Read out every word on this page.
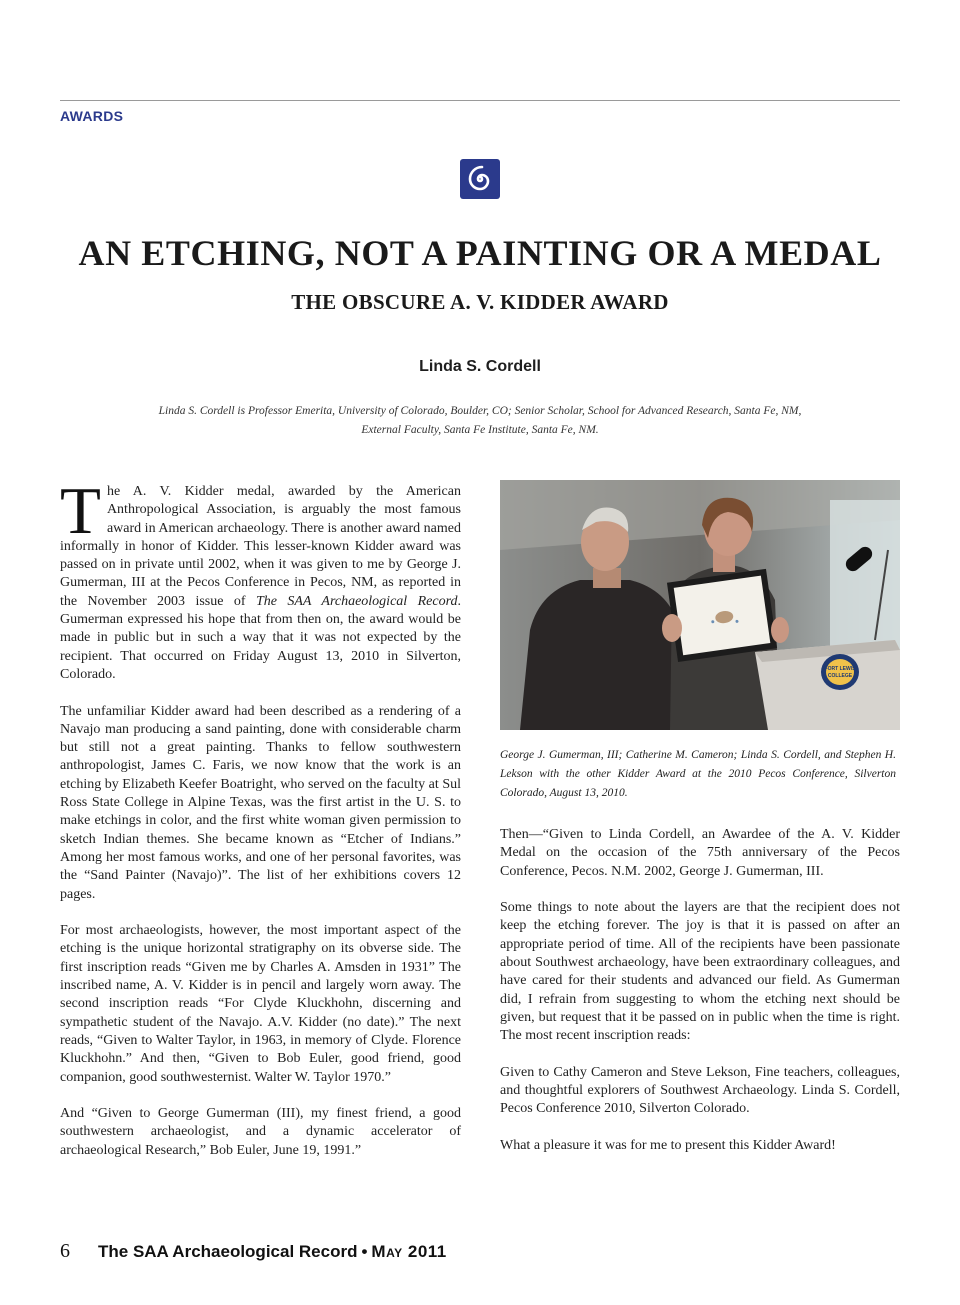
AWARDS
AN ETCHING, NOT A PAINTING OR A MEDAL
THE OBSCURE A. V. KIDDER AWARD
Linda S. Cordell
Linda S. Cordell is Professor Emerita, University of Colorado, Boulder, CO; Senior Scholar, School for Advanced Research, Santa Fe, NM,
External Faculty, Santa Fe Institute, Santa Fe, NM.

The A. V. Kidder medal, awarded by the American Anthropological Association, is arguably the most famous award in American archaeology. There is another award named informally in honor of Kidder. This lesser-known Kidder award was passed on in private until 2002, when it was given to me by George J. Gumerman, III at the Pecos Conference in Pecos, NM, as reported in the November 2003 issue of The SAA Archaeological Record. Gumerman expressed his hope that from then on, the award would be made in public but in such a way that it was not expected by the recipient. That occurred on Friday August 13, 2010 in Silverton, Colorado.

The unfamiliar Kidder award had been described as a rendering of a Navajo man producing a sand painting, done with considerable charm but still not a great painting. Thanks to fellow southwestern anthropologist, James C. Faris, we now know that the work is an etching by Elizabeth Keefer Boatright, who served on the faculty at Sul Ross State College in Alpine Texas, was the first artist in the U. S. to make etchings in color, and the first white woman given permission to sketch Indian themes. She became known as “Etcher of Indians.” Among her most famous works, and one of her personal favorites, was the “Sand Painter (Navajo)”. The list of her exhibitions covers 12 pages.

For most archaeologists, however, the most important aspect of the etching is the unique horizontal stratigraphy on its obverse side. The first inscription reads “Given me by Charles A. Amsden in 1931” The inscribed name, A. V. Kidder is in pencil and largely worn away. The second inscription reads “For Clyde Kluckhohn, discerning and sympathetic student of the Navajo. A.V. Kidder (no date).” The next reads, “Given to Walter Taylor, in 1963, in memory of Clyde. Florence Kluckhohn.” And then, “Given to Bob Euler, good friend, good companion, good southwesternist. Walter W. Taylor 1970.”

And “Given to George Gumerman (III), my finest friend, a good southwestern archaeologist, and a dynamic accelerator of archaeological Research,” Bob Euler, June 19, 1991.”

FORT LEWIS
COLLEGE
George J. Gumerman, III; Catherine M. Cameron; Linda S. Cordell, and Stephen H. Lekson with the other Kidder Award at the 2010 Pecos Conference, Silverton Colorado, August 13, 2010.

Then—“Given to Linda Cordell, an Awardee of the A. V. Kidder Medal on the occasion of the 75th anniversary of the Pecos Conference, Pecos. N.M. 2002, George J. Gumerman, III.

Some things to note about the layers are that the recipient does not keep the etching forever. The joy is that it is passed on after an appropriate period of time. All of the recipients have been passionate about Southwest archaeology, have been extraordinary colleagues, and have cared for their students and advanced our field. As Gumerman did, I refrain from suggesting to whom the etching next should be given, but request that it be passed on in public when the time is right. The most recent inscription reads:

Given to Cathy Cameron and Steve Lekson, Fine teachers, colleagues, and thoughtful explorers of Southwest Archaeology. Linda S. Cordell, Pecos Conference 2010, Silverton Colorado.

What a pleasure it was for me to present this Kidder Award!

6 The SAA Archaeological Record • May 2011
